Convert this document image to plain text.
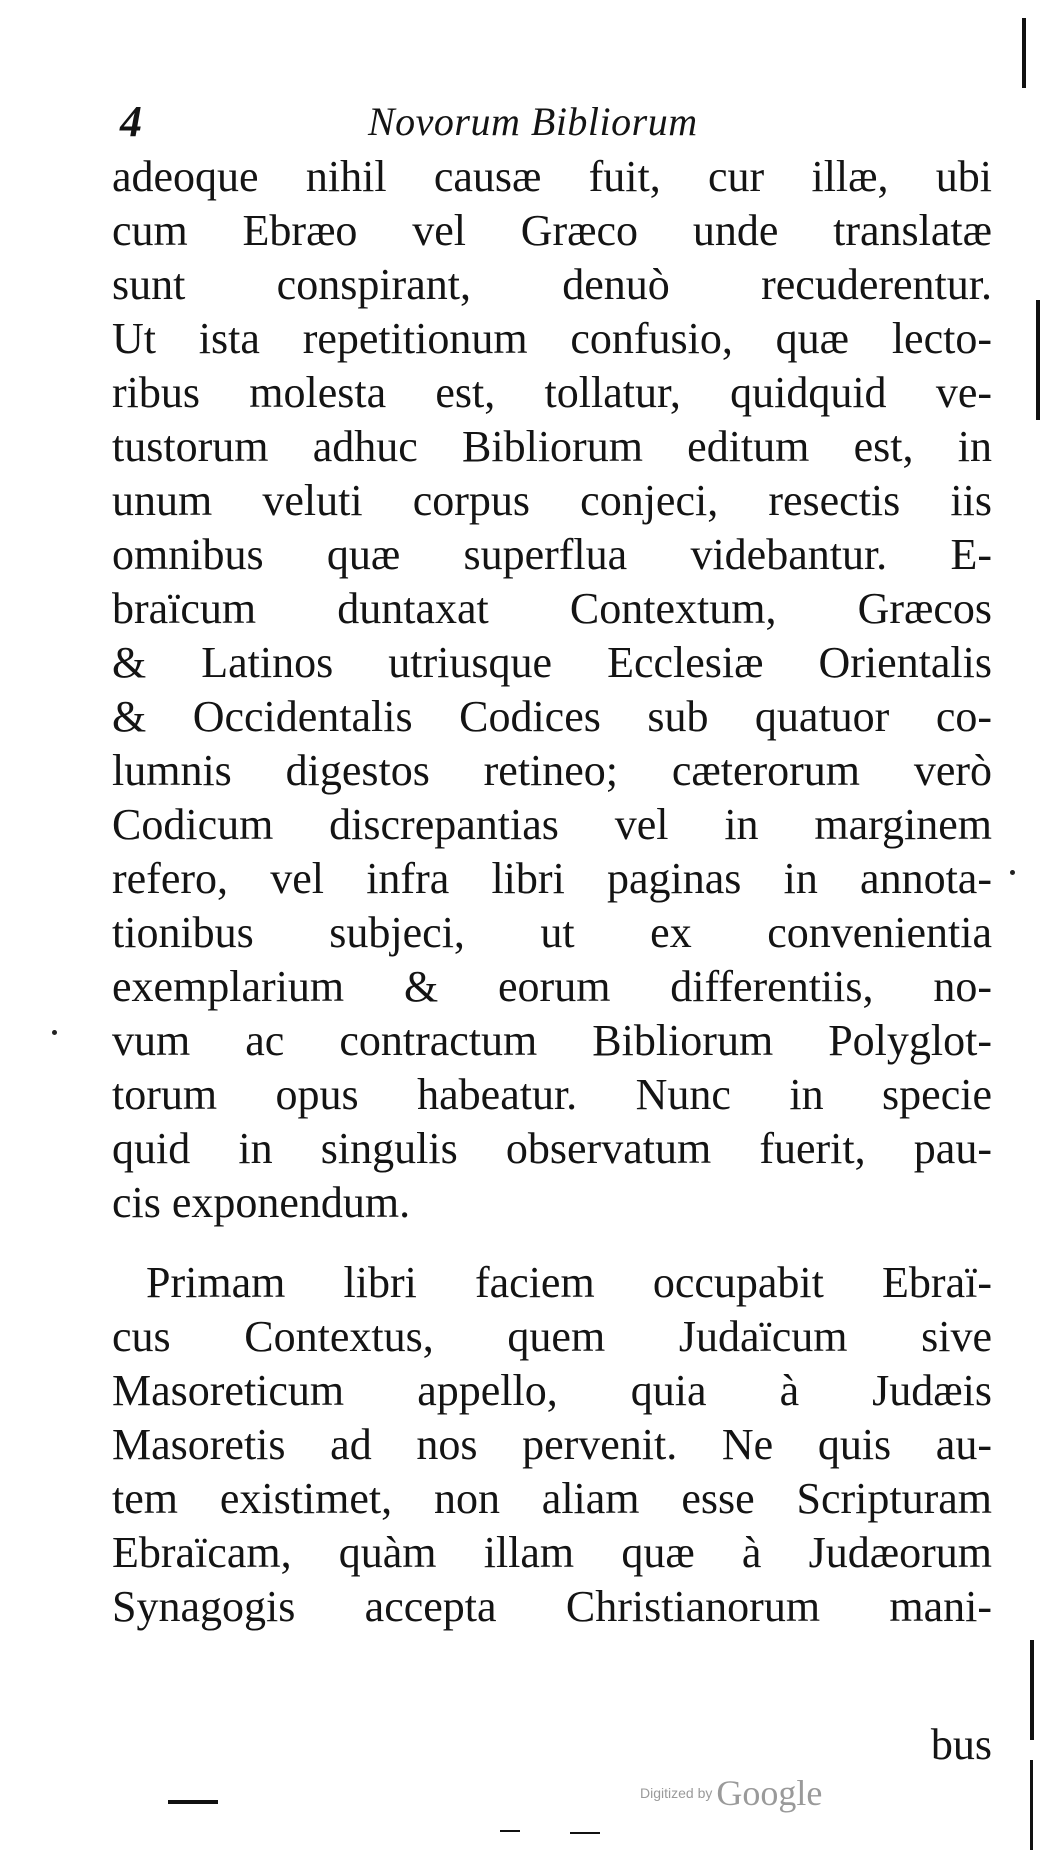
4	Novorum Bibliorum
adeoque nihil causæ fuit, cur illæ, ubi
cum Ebræo vel Græco unde translatæ
sunt conspirant, denuò recuderentur.
Ut ista repetitionum confusio, quæ lecto-
ribus molesta est, tollatur, quidquid ve-
tustorum adhuc Bibliorum editum est, in
unum veluti corpus conjeci, resectis iis
omnibus quæ superflua videbantur. E-
braïcum duntaxat Contextum, Græcos
& Latinos utriusque Ecclesiæ Orientalis
& Occidentalis Codices sub quatuor co-
lumnis digestos retineo; cæterorum verò
Codicum discrepantias vel in marginem
refero, vel infra libri paginas in annota-
tionibus subjeci, ut ex convenientia
exemplarium & eorum differentiis, no-
vum ac contractum Bibliorum Polyglot-
torum opus habeatur. Nunc in specie
quid in singulis observatum fuerit, pau-
cis exponendum.
Primam libri faciem occupabit Ebraï-
cus Contextus, quem Judaïcum sive
Masoreticum appello, quia à Judæis
Masoretis ad nos pervenit. Ne quis au-
tem existimet, non aliam esse Scripturam
Ebraïcam, quàm illam quæ à Judæorum
Synagogis accepta Christianorum mani-
bus
Digitized by Google
